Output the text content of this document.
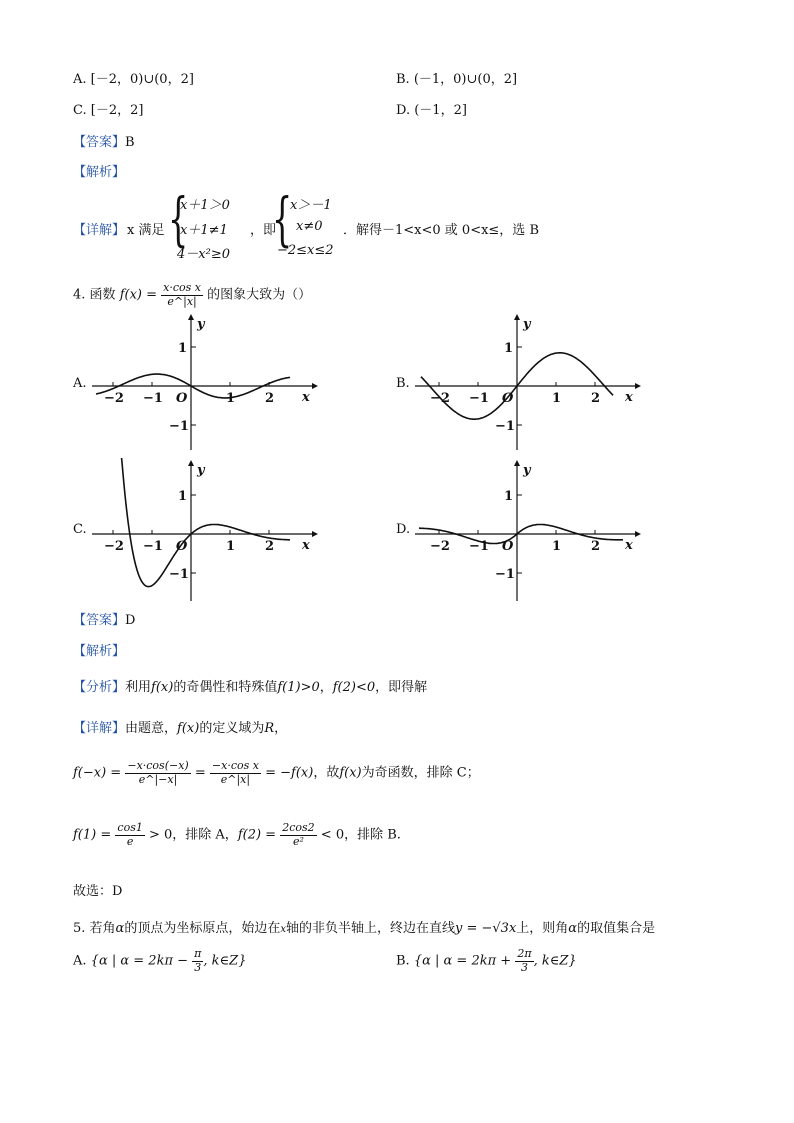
A. [－2，0)∪(0，2]	B. (－1，0)∪(0，2]
C. [－2，2]	D. (－1，2]
【答案】B
【解析】
【详解】 x 满足 {
x＋1＞0
x＋1≠1
4－x²≥0
，即
{
x＞－1
x≠0
−2≤x≤2
．解得－1<x<0 或 0<x≤，选 B
4. 函数 $f(x) = \frac{\text{x·cos x}}{e\^{}|x|}$ 的图象大致为（）
A.	B.
C.	D.
−2 −1	1 2
1
−1
x
y
O	−2 −1	1 2
1
−1
x
y
O
−2 −1	1 2
1
−1
x
y
O	−2 −1	1 2
1
−1
x
y
O
【答案】D
【解析】
【分析】利用f(x)的奇偶性和特殊值f(1)>0，f(2)<0，即得解
【详解】由题意，f(x)的定义域为R，
$f(-x) = \frac{-x\cdot\cos(-x)}{e\^{}|-x|} = \frac{\text{−x·cos x}}{e\^{}|x|} = -f(x)$，故f(x)为奇函数，排除 C；
$f(1) = \frac{\cos 1}{e} > 0$，排除 A，$f(2) = \frac{2\cos 2}{\text{e²}} < 0$，排除 B.
故选：D
5. 若角α的顶点为坐标原点，始边在x轴的非负半轴上，终边在直线y = −√3x上，则角α的取值集合是
A. {α | $\alpha = 2k\pi - \frac{\pi}{3}$ , k∈Z}	B. {α | $\alpha = 2k\pi + \frac{2\pi}{3}$ , k∈Z}
